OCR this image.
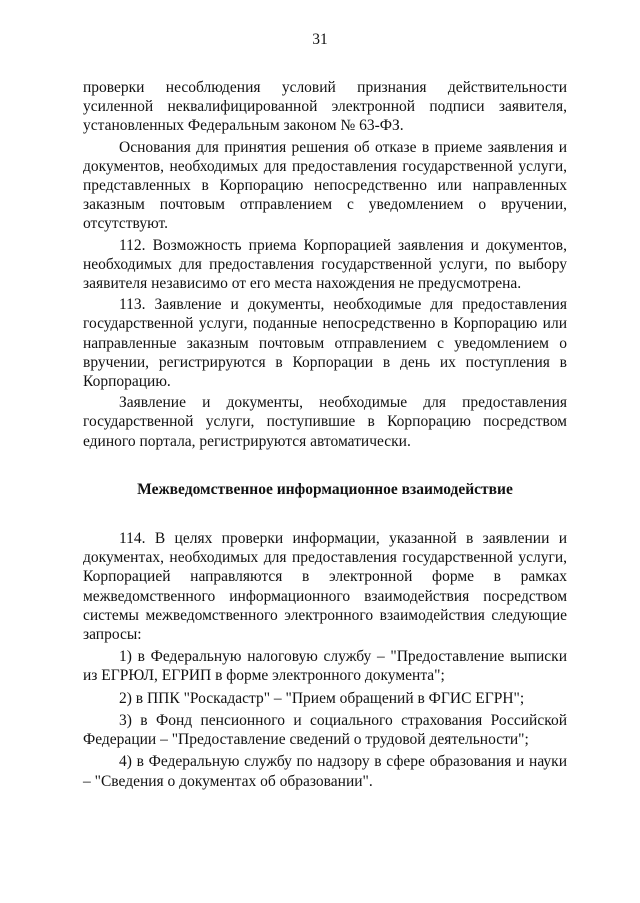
31

проверки несоблюдения условий признания действительности усиленной неквалифицированной электронной подписи заявителя, установленных Федеральным законом № 63-ФЗ.

Основания для принятия решения об отказе в приеме заявления и документов, необходимых для предоставления государственной услуги, представленных в Корпорацию непосредственно или направленных заказным почтовым отправлением с уведомлением о вручении, отсутствуют.

112. Возможность приема Корпорацией заявления и документов, необходимых для предоставления государственной услуги, по выбору заявителя независимо от его места нахождения не предусмотрена.

113. Заявление и документы, необходимые для предоставления государственной услуги, поданные непосредственно в Корпорацию или направленные заказным почтовым отправлением с уведомлением о вручении, регистрируются в Корпорации в день их поступления в Корпорацию.

Заявление и документы, необходимые для предоставления государственной услуги, поступившие в Корпорацию посредством единого портала, регистрируются автоматически.

Межведомственное информационное взаимодействие

114. В целях проверки информации, указанной в заявлении и документах, необходимых для предоставления государственной услуги, Корпорацией направляются в электронной форме в рамках межведомственного информационного взаимодействия посредством системы межведомственного электронного взаимодействия следующие запросы:

1) в Федеральную налоговую службу – "Предоставление выписки из ЕГРЮЛ, ЕГРИП в форме электронного документа";

2) в ППК "Роскадастр" – "Прием обращений в ФГИС ЕГРН";

3) в Фонд пенсионного и социального страхования Российской Федерации – "Предоставление сведений о трудовой деятельности";

4) в Федеральную службу по надзору в сфере образования и науки – "Сведения о документах об образовании".
